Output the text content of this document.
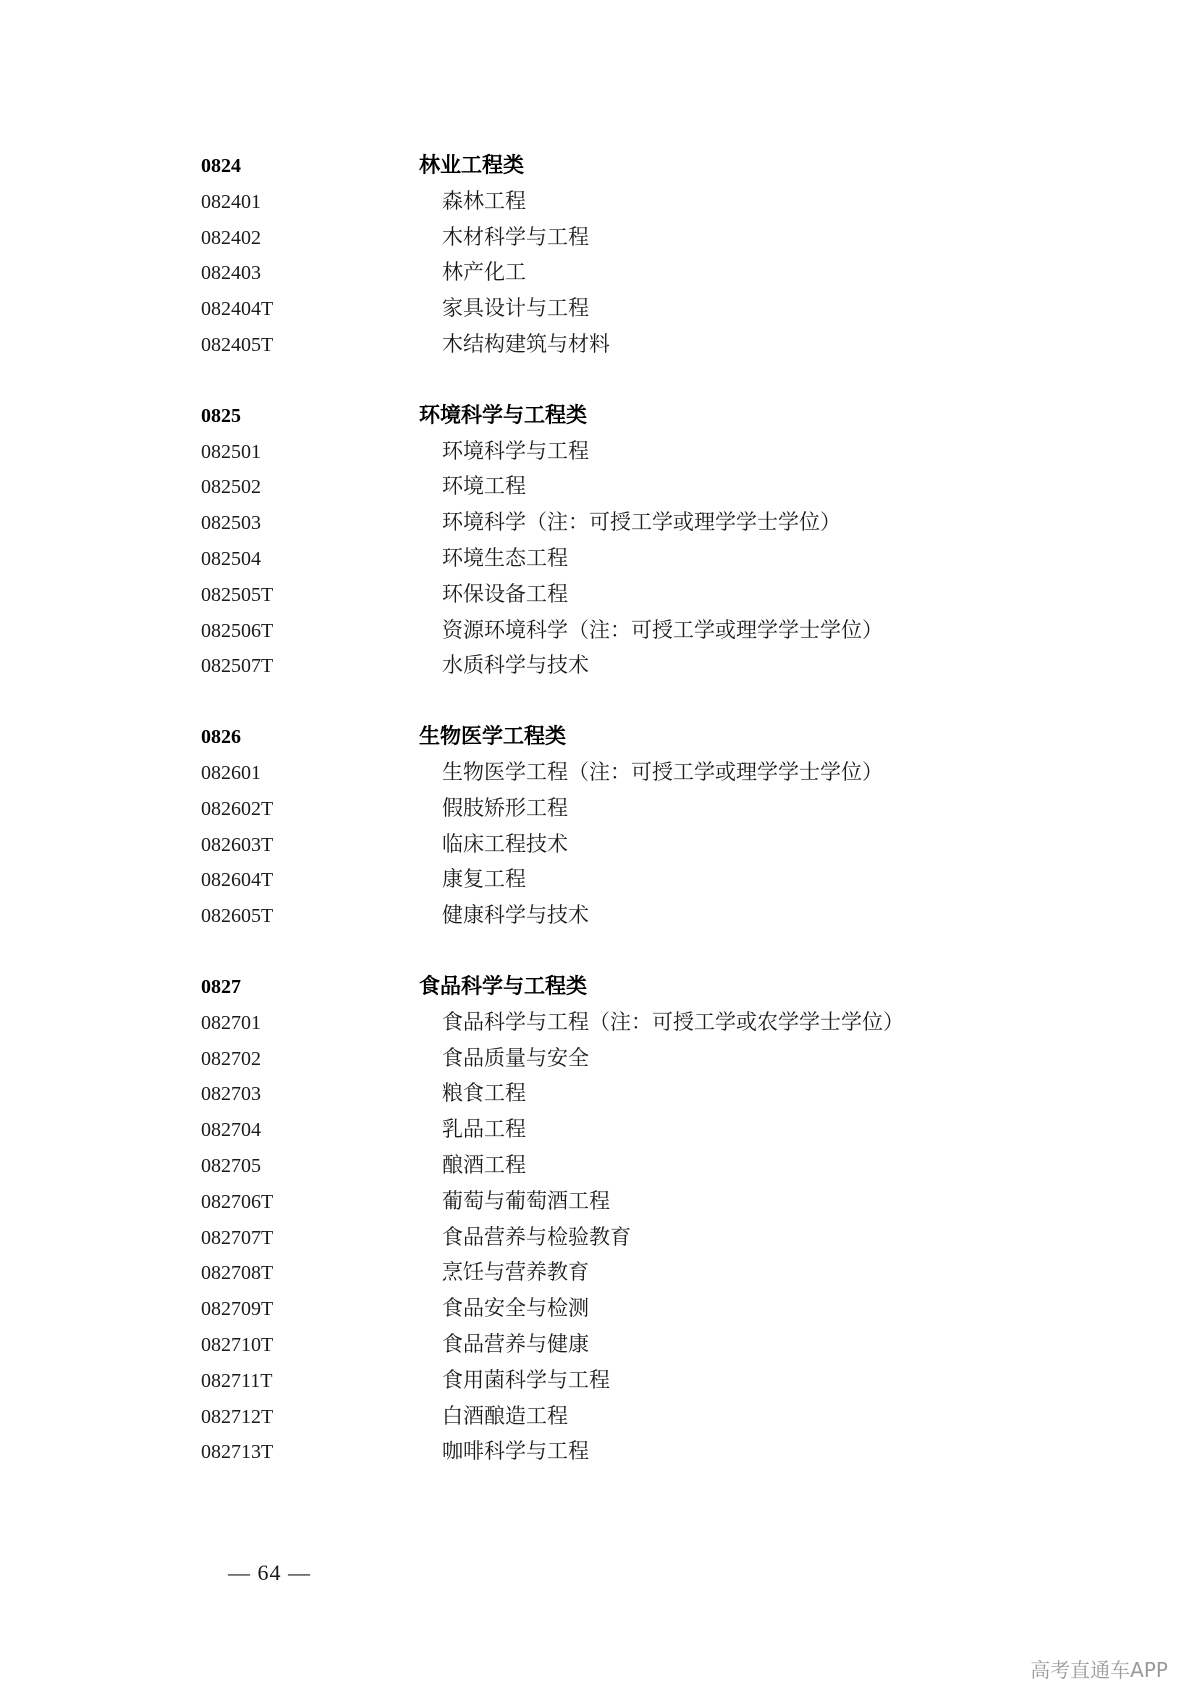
0824	林业工程类
082401	森林工程
082402	木材科学与工程
082403	林产化工
082404T	家具设计与工程
082405T	木结构建筑与材料
0825	环境科学与工程类
082501	环境科学与工程
082502	环境工程
082503	环境科学（注：可授工学或理学学士学位）
082504	环境生态工程
082505T	环保设备工程
082506T	资源环境科学（注：可授工学或理学学士学位）
082507T	水质科学与技术
0826	生物医学工程类
082601	生物医学工程（注：可授工学或理学学士学位）
082602T	假肢矫形工程
082603T	临床工程技术
082604T	康复工程
082605T	健康科学与技术
0827	食品科学与工程类
082701	食品科学与工程（注：可授工学或农学学士学位）
082702	食品质量与安全
082703	粮食工程
082704	乳品工程
082705	酿酒工程
082706T	葡萄与葡萄酒工程
082707T	食品营养与检验教育
082708T	烹饪与营养教育
082709T	食品安全与检测
082710T	食品营养与健康
082711T	食用菌科学与工程
082712T	白酒酿造工程
082713T	咖啡科学与工程
— 64 —
高考直通车APP
